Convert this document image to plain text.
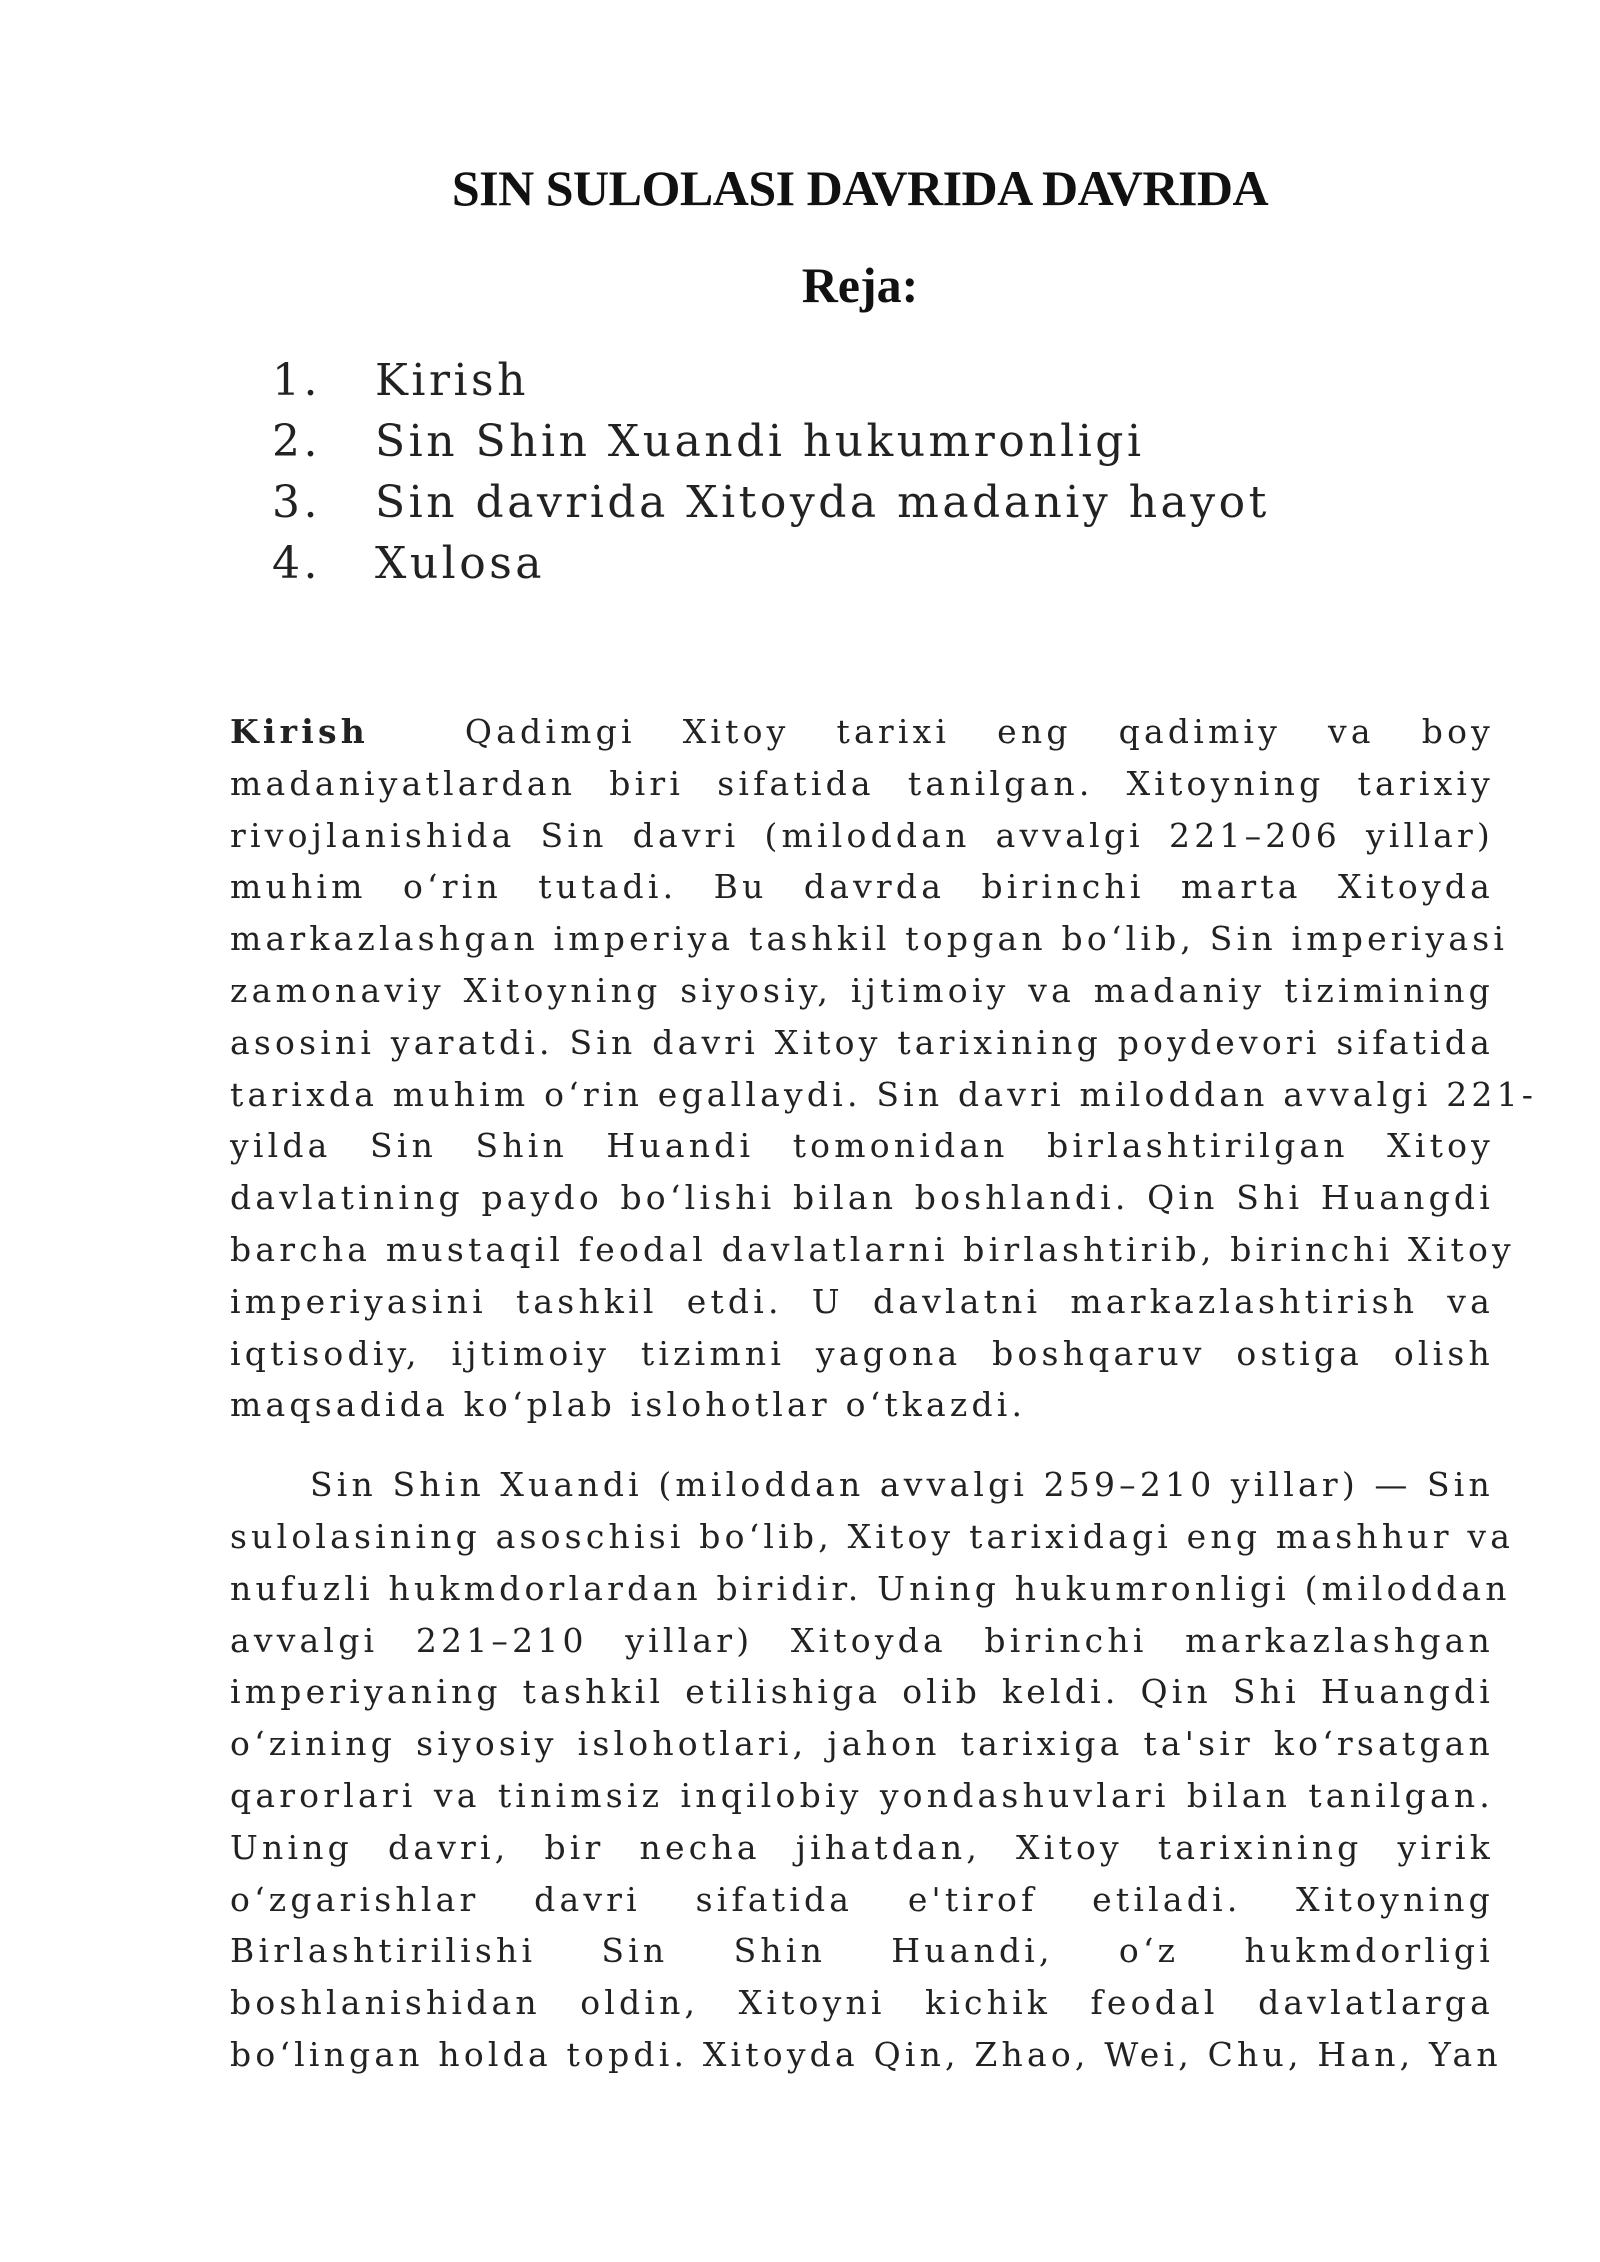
SIN SULOLASI DAVRIDA DAVRIDA
Reja:
1.	Kirish
2.	Sin Shin Xuandi hukumronligi
3.	Sin davrida Xitoyda madaniy hayot
4.	Xulosa
Kirish	Qadimgi Xitoy tarixi eng qadimiy va boy
madaniyatlardan biri sifatida tanilgan. Xitoyning tarixiy
rivojlanishida Sin davri (miloddan avvalgi 221–206 yillar)
muhim o‘rin tutadi. Bu davrda birinchi marta Xitoyda
markazlashgan imperiya tashkil topgan bo‘lib, Sin imperiyasi
zamonaviy Xitoyning siyosiy, ijtimoiy va madaniy tizimining
asosini yaratdi. Sin davri Xitoy tarixining poydevori sifatida
tarixda muhim o‘rin egallaydi. Sin davri miloddan avvalgi 221-
yilda Sin Shin Huandi tomonidan birlashtirilgan Xitoy
davlatining paydo bo‘lishi bilan boshlandi. Qin Shi Huangdi
barcha mustaqil feodal davlatlarni birlashtirib, birinchi Xitoy
imperiyasini tashkil etdi. U davlatni markazlashtirish va
iqtisodiy, ijtimoiy tizimni yagona boshqaruv ostiga olish
maqsadida ko‘plab islohotlar o‘tkazdi.
Sin Shin Xuandi (miloddan avvalgi 259–210 yillar) — Sin
sulolasining asoschisi bo‘lib, Xitoy tarixidagi eng mashhur va
nufuzli hukmdorlardan biridir. Uning hukumronligi (miloddan
avvalgi 221–210 yillar) Xitoyda birinchi markazlashgan
imperiyaning tashkil etilishiga olib keldi. Qin Shi Huangdi
o‘zining siyosiy islohotlari, jahon tarixiga ta'sir ko‘rsatgan
qarorlari va tinimsiz inqilobiy yondashuvlari bilan tanilgan.
Uning davri, bir necha jihatdan, Xitoy tarixining yirik
o‘zgarishlar davri sifatida e'tirof etiladi. Xitoyning
Birlashtirilishi Sin Shin Huandi, o‘z hukmdorligi
boshlanishidan oldin, Xitoyni kichik feodal davlatlarga
bo‘lingan holda topdi. Xitoyda Qin, Zhao, Wei, Chu, Han, Yan
